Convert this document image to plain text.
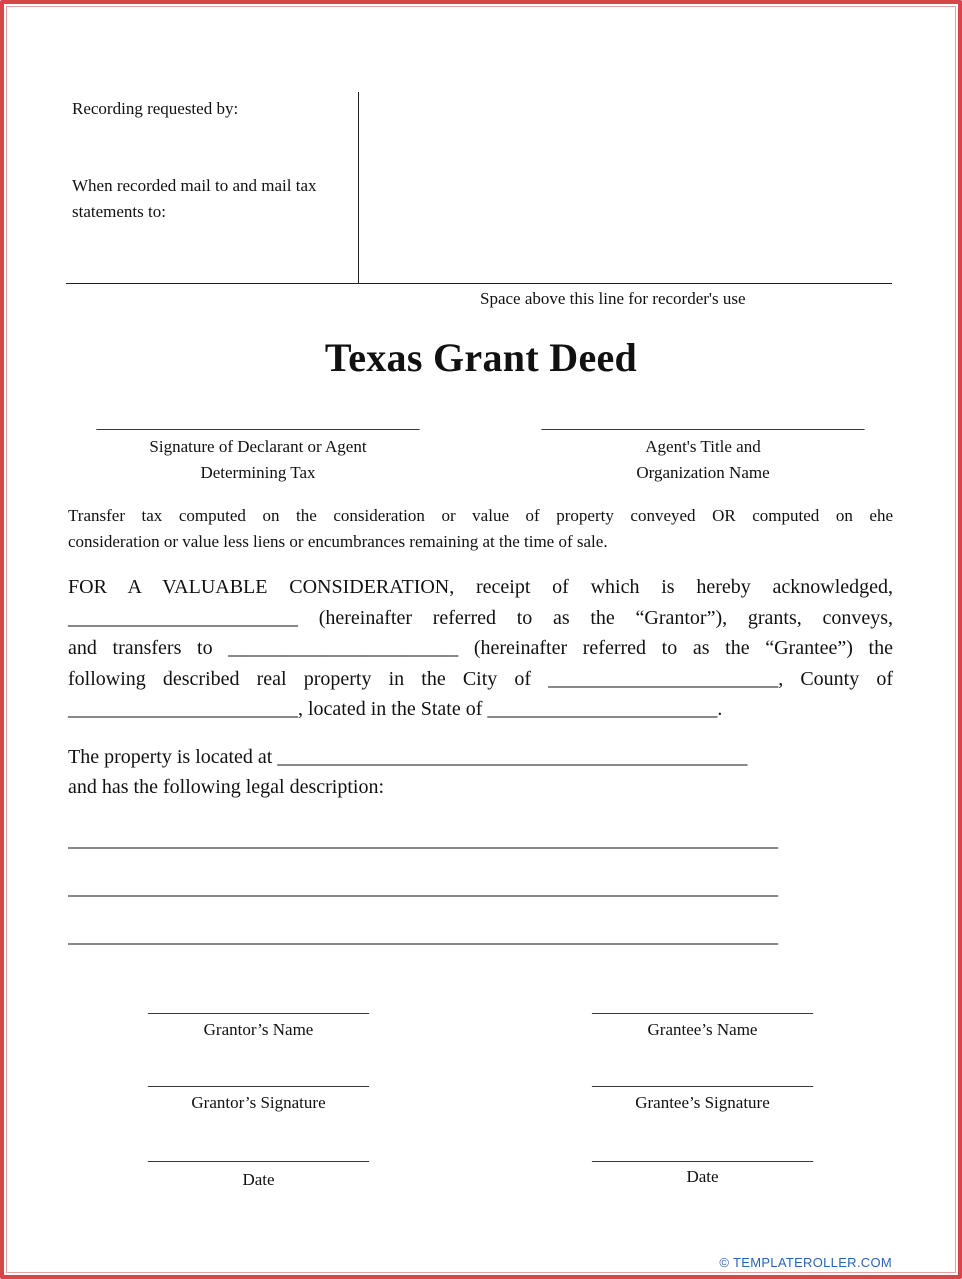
Recording requested by:
When recorded mail to and mail tax
statements to:
Space above this line for recorder's use
Texas Grant Deed
______________________________________
Signature of Declarant or Agent
Determining Tax
______________________________________
Agent's Title and
Organization Name
Transfer tax computed on the consideration or value of property conveyed OR computed on ehe
consideration or value less liens or encumbrances remaining at the time of sale.
FOR A VALUABLE CONSIDERATION, receipt of which is hereby acknowledged,
_______________________ (hereinafter referred to as the “Grantor”), grants, conveys,
and transfers to _______________________ (hereinafter referred to as the “Grantee”) the
following described real property in the City of _______________________, County of
_______________________, located in the State of _______________________.
The property is located at _______________________________________________
and has the following legal description:
_______________________________________________________________________
_______________________________________________________________________
_______________________________________________________________________
__________________________
Grantor’s Name
__________________________
Grantor’s Signature
__________________________
Date
__________________________
Grantee’s Name
__________________________
Grantee’s Signature
__________________________
Date
© TEMPLATEROLLER.COM
